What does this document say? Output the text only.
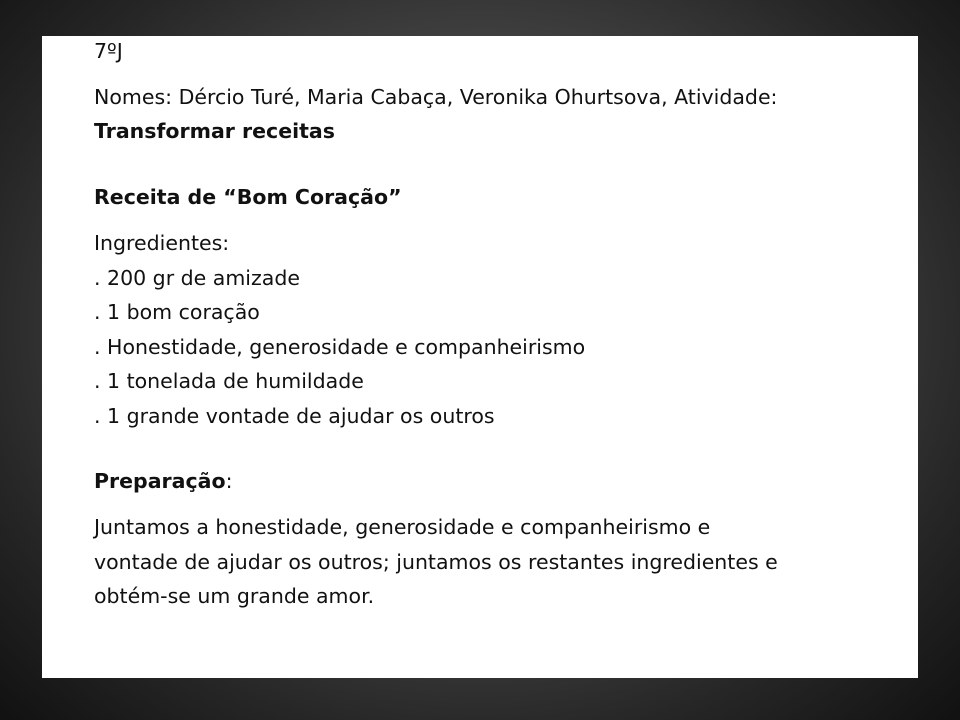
7ºJ
Nomes: Dércio Turé, Maria Cabaça, Veronika Ohurtsova, Atividade:
Transformar receitas
Receita de “Bom Coração”
Ingredientes:
. 200 gr de amizade
. 1 bom coração
. Honestidade, generosidade e companheirismo
. 1 tonelada de humildade
. 1 grande vontade de ajudar os outros
Preparação:
Juntamos a honestidade, generosidade e companheirismo e
vontade de ajudar os outros; juntamos os restantes ingredientes e
obtém-se um grande amor.
